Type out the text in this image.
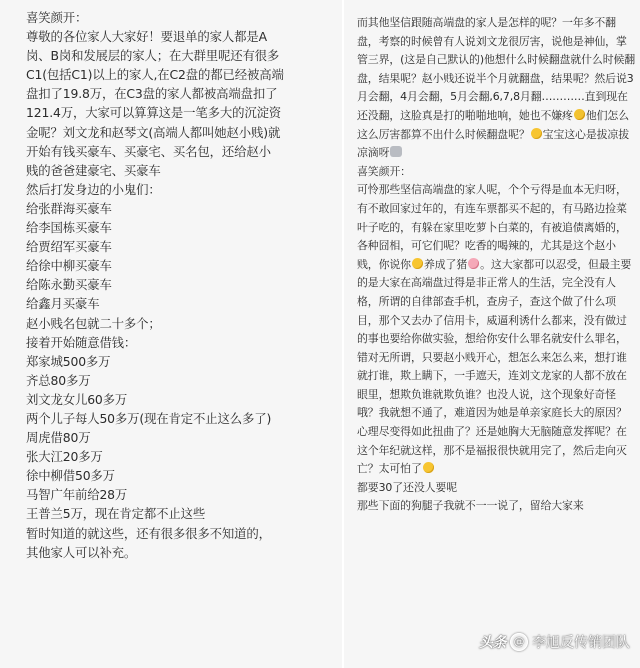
喜笑颜开：
尊敬的各位家人大家好！要退单的家人都是A
岗、B岗和发展层的家人；在大群里呢还有很多
C1(包括C1)以上的家人,在C2盘的都已经被高端
盘扣了19.8万，在C3盘的家人都被高端盘扣了
121.4万，大家可以算算这是一笔多大的沉淀资
金呢？刘文龙和赵琴文(高端人都叫她赵小贱)就
开始有钱买豪车、买豪宅、买名包，还给赵小
贱的爸爸建豪宅、买豪车
然后打发身边的小鬼们：
给张群海买豪车
给李国栋买豪车
给贾绍军买豪车
给徐中柳买豪车
给陈永勤买豪车
给鑫月买豪车
赵小贱名包就二十多个；
接着开始随意借钱：
郑家城500多万
齐总80多万
刘文龙女儿60多万
两个儿子每人50多万(现在肯定不止这么多了)
周虎借80万
张大江20多万
徐中柳借50多万
马智广年前给28万
王普兰5万，现在肯定都不止这些
暂时知道的就这些，还有很多很多不知道的，
其他家人可以补充。

而其他坚信跟随高端盘的家人是怎样的呢？一年多不翻盘，考察的时候曾有人说刘文龙很厉害，说他是神仙，掌管三界，(这是自己默认的)他想什么时候翻盘就什么时候翻盘，结果呢？赵小贱还说半个月就翻盘，结果呢？然后说3月会翻，4月会翻，5月会翻,6,7,8月翻…………直到现在还没翻，这脸真是打的啪啪地响，她也不嫌疼 他们怎么这么厉害都算不出什么时候翻盘呢？ 宝宝这心是拔凉拔凉滴呀

喜笑颜开：

可怜那些坚信高端盘的家人呢，个个亏得是血本无归呀，有不敢回家过年的，有连车票都买不起的，有马路边捡菜叶子吃的，有躲在家里吃萝卜白菜的，有被追债离婚的，各种囧相，可它们呢？吃香的喝辣的，尤其是这个赵小贱，你说你 养成了猪 。这大家都可以忍受，但最主要的是大家在高端盘过得是非正常人的生活，完全没有人格，所谓的自律部查手机，查房子，查这个做了什么项目，那个又去办了信用卡，威逼利诱什么都来，没有做过的事也要给你做实验，想给你安什么罪名就安什么罪名，错对无所谓，只要赵小贱开心，想怎么来怎么来，想打谁就打谁，欺上瞒下，一手遮天，连刘文龙家的人都不放在眼里，想欺负谁就欺负谁？也没人说，这个现象好奇怪哦？我就想不通了，难道因为她是单亲家庭长大的原因？心理尽变得如此扭曲了？还是她胸大无脑随意发挥呢？在这个年纪就这样，那不是福报很快就用完了，然后走向灭亡？太可怕了
都要30了还没人要呢
那些下面的狗腿子我就不一一说了，留给大家来

头条 @ 李旭反传销团队
